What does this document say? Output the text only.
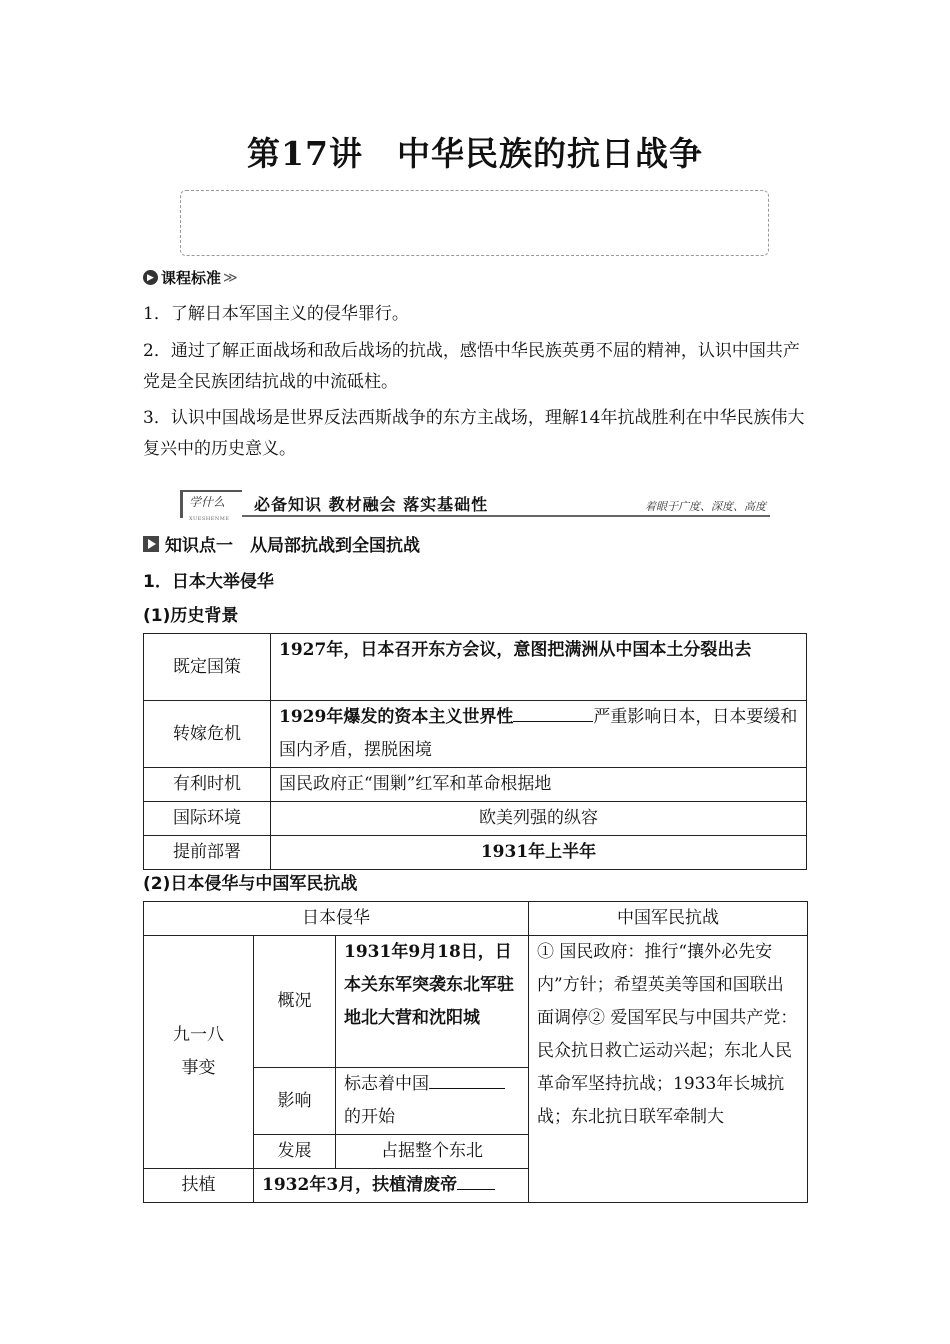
第17讲　中华民族的抗日战争
▶ 课程标准 ≫
1．了解日本军国主义的侵华罪行。
2．通过了解正面战场和敌后战场的抗战，感悟中华民族英勇不屈的精神，认识中国共产党是全民族团结抗战的中流砥柱。
3．认识中国战场是世界反法西斯战争的东方主战场，理解14年抗战胜利在中华民族伟大复兴中的历史意义。
学什么
XUESHENME
必备知识 教材融会 落实基础性	着眼于广度、深度、高度
知识点一　从局部抗战到全国抗战
1．日本大举侵华
(1)历史背景
既定国策	1927年，日本召开东方会议，意图把满洲从中国本土分裂出去
转嫁危机	1929年爆发的资本主义世界性 严重影响日本，日本要缓和国内矛盾，摆脱困境
有利时机	国民政府正“围剿”红军和革命根据地
国际环境	欧美列强的纵容
提前部署	1931年上半年
(2)日本侵华与中国军民抗战
日本侵华			中国军民抗战
九一八事变	概况	1931年9月18日，日本关东军突袭东北军驻地北大营和沈阳城	① 国民政府：推行“攘外必先安内”方针；希望英美等国和国联出面调停② 爱国军民与中国共产党：民众抗日救亡运动兴起；东北人民革命军坚持抗战；1933年长城抗战；东北抗日联军牵制大
	影响	标志着中国的开始	
	发展	占据整个东北	
扶植	1932年3月，扶植清废帝		
